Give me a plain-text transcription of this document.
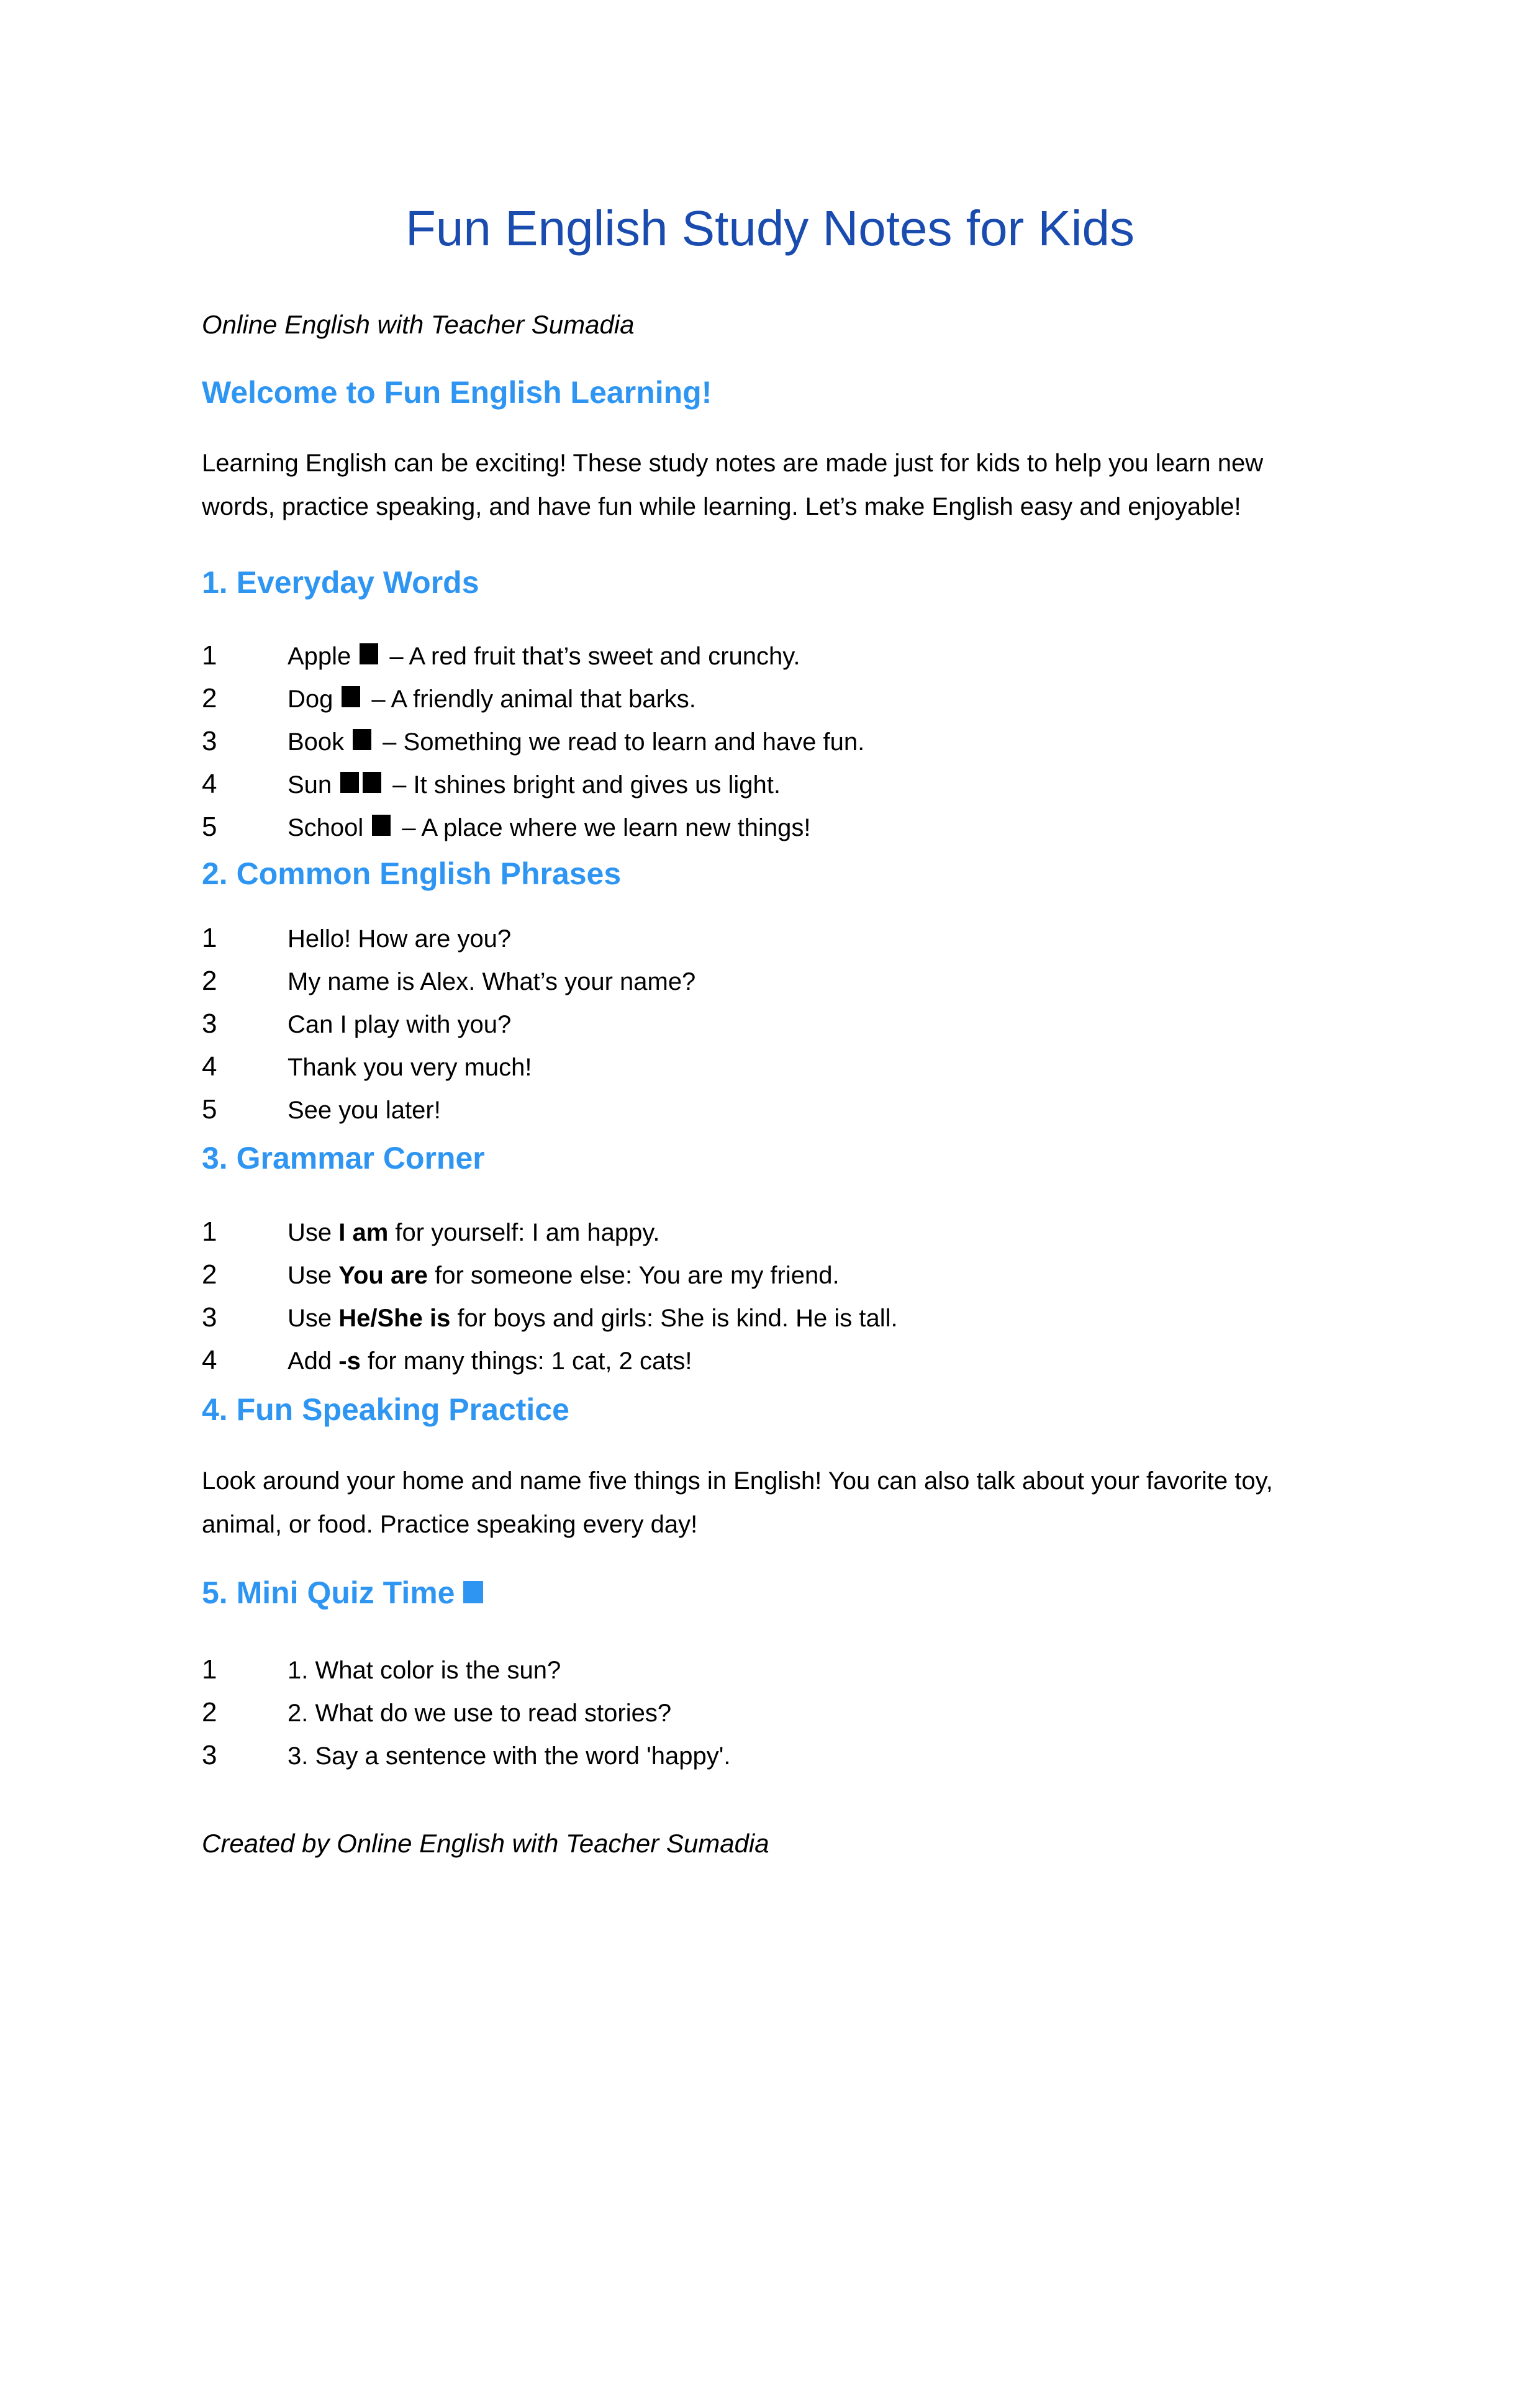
Fun English Study Notes for Kids
Online English with Teacher Sumadia
Welcome to Fun English Learning!

Learning English can be exciting! These study notes are made just for kids to help you learn new words, practice speaking, and have fun while learning. Let’s make English easy and enjoyable!

1. Everyday Words
1	Apple – A red fruit that’s sweet and crunchy.
2	Dog – A friendly animal that barks.
3	Book – Something we read to learn and have fun.
4	Sun – It shines bright and gives us light.
5	School – A place where we learn new things!
2. Common English Phrases
1	Hello! How are you?
2	My name is Alex. What’s your name?
3	Can I play with you?
4	Thank you very much!
5	See you later!
3. Grammar Corner
1	Use I am for yourself: I am happy.
2	Use You are for someone else: You are my friend.
3	Use He/She is for boys and girls: She is kind. He is tall.
4	Add -s for many things: 1 cat, 2 cats!
4. Fun Speaking Practice

Look around your home and name five things in English! You can also talk about your favorite toy, animal, or food. Practice speaking every day!

5. Mini Quiz Time
1	1. What color is the sun?
2	2. What do we use to read stories?
3	3. Say a sentence with the word 'happy'.
Created by Online English with Teacher Sumadia
